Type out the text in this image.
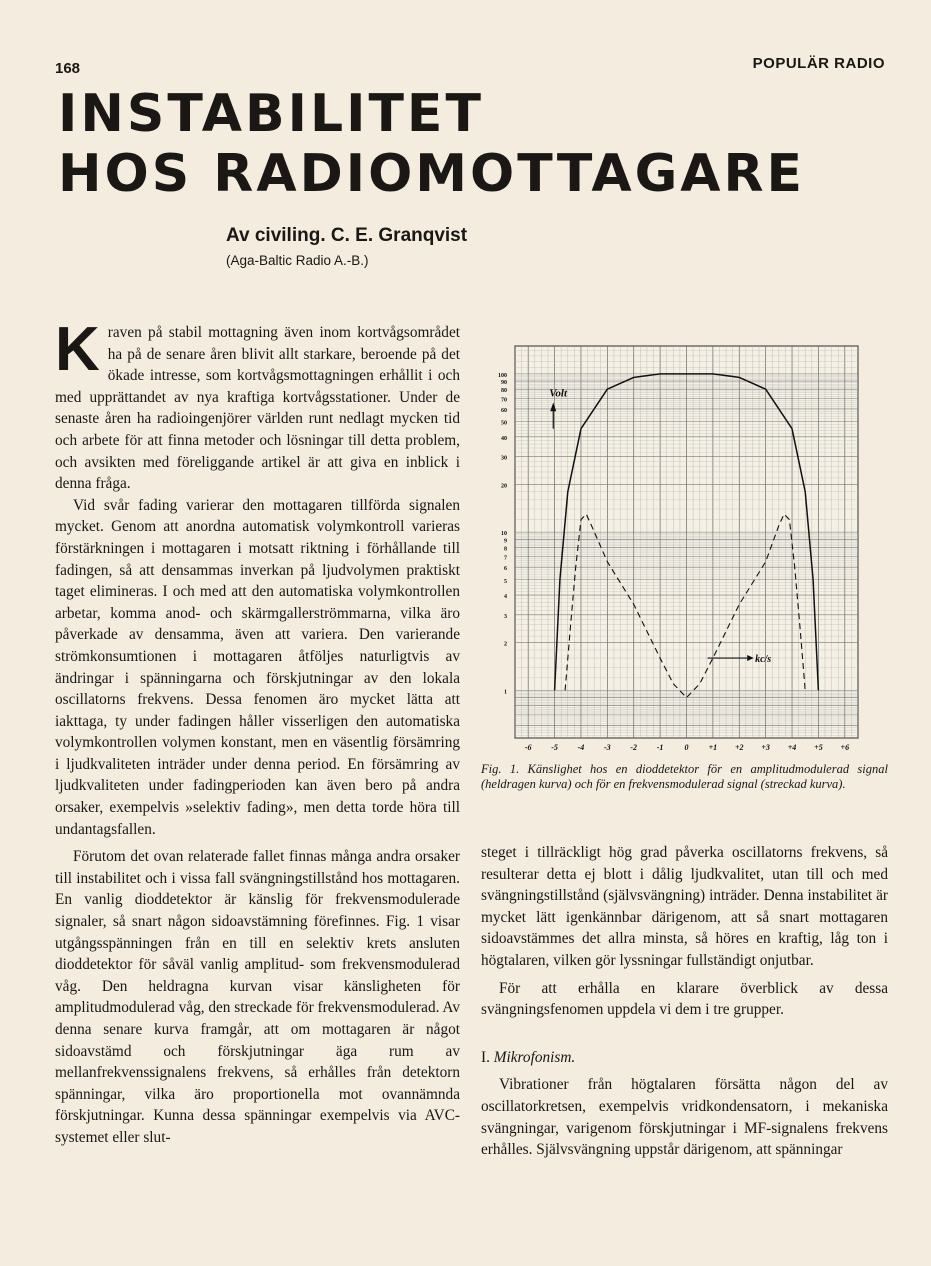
168	POPULÄR RADIO
INSTABILITET
HOS RADIOMOTTAGARE
Av civiling. C. E. Granqvist
(Aga-Baltic Radio A.-B.)

Kraven på stabil mottagning även inom kortvågsområdet ha på de senare åren blivit allt starkare, beroende på det ökade intresse, som kortvågsmottagningen erhållit i och med upprättandet av nya kraftiga kortvågsstationer. Under de senaste åren ha radioingenjörer världen runt nedlagt mycken tid och arbete för att finna metoder och lösningar till detta problem, och avsikten med föreliggande artikel är att giva en inblick i denna fråga.

Vid svår fading varierar den mottagaren tillförda signalen mycket. Genom att anordna automatisk volymkontroll varieras förstärkningen i mottagaren i motsatt riktning i förhållande till fadingen, så att densammas inverkan på ljudvolymen praktiskt taget elimineras. I och med att den automatiska volymkontrollen arbetar, komma anod- och skärmgallerströmmarna, vilka äro påverkade av densamma, även att variera. Den varierande strömkonsumtionen i mottagaren åtföljes naturligtvis av ändringar i spänningarna och förskjutningar av den lokala oscillatorns frekvens. Dessa fenomen äro mycket lätta att iakttaga, ty under fadingen håller visserligen den automatiska volymkontrollen volymen konstant, men en väsentlig försämring i ljudkvaliteten inträder under denna period. En försämring av ljudkvaliteten under fadingperioden kan även bero på andra orsaker, exempelvis »selektiv fading», men detta torde höra till undantagsfallen.

Förutom det ovan relaterade fallet finnas många andra orsaker till instabilitet och i vissa fall svängningstillstånd hos mottagaren. En vanlig dioddetektor är känslig för frekvensmodulerade signaler, så snart någon sidoavstämning förefinnes. Fig. 1 visar utgångsspänningen från en till en selektiv krets ansluten dioddetektor för såväl vanlig amplitud- som frekvensmodulerad våg. Den heldragna kurvan visar känsligheten för amplitudmodulerad våg, den streckade för frekvensmodulerad. Av denna senare kurva framgår, att om mottagaren är något sidoavstämd och förskjutningar äga rum av mellanfrekvenssignalens frekvens, så erhålles från detektorn spänningar, vilka äro proportionella mot ovannämnda förskjutningar. Kunna dessa spänningar exempelvis via AVC-systemet eller slut-

100
90
80
70
60
50
40
30
20
10
9
8
7
6
5
4
3
2
1
-6 -5 -4 -3 -2 -1	0	+1 +2 +3 +4 +5 +6
Volt
kc/s
Fig. 1. Känslighet hos en dioddetektor för en amplitudmodulerad signal (heldragen kurva) och för en frekvensmodulerad signal (streckad kurva).

steget i tillräckligt hög grad påverka oscillatorns frekvens, så resulterar detta ej blott i dålig ljudkvalitet, utan till och med svängningstillstånd (självsvängning) inträder. Denna instabilitet är mycket lätt igenkännbar därigenom, att så snart mottagaren sidoavstämmes det allra minsta, så höres en kraftig, låg ton i högtalaren, vilken gör lyssningar fullständigt onjutbar.

För att erhålla en klarare överblick av dessa svängningsfenomen uppdela vi dem i tre grupper.

I. Mikrofonism.

Vibrationer från högtalaren försätta någon del av oscillatorkretsen, exempelvis vridkondensatorn, i mekaniska svängningar, varigenom förskjutningar i MF-signalens frekvens erhålles. Självsvängning uppstår därigenom, att spänningar
